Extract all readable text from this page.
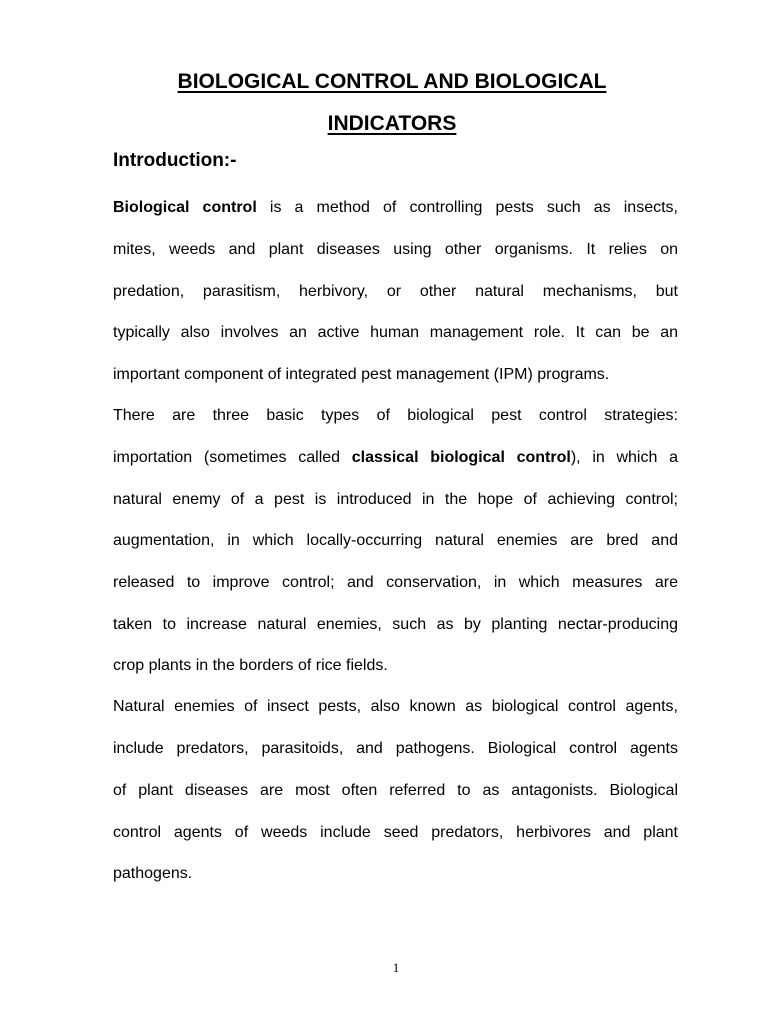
BIOLOGICAL CONTROL AND BIOLOGICAL
INDICATORS
Introduction:-
Biological control is a method of controlling pests such as insects,
mites, weeds and plant diseases using other organisms. It relies on
predation, parasitism, herbivory, or other natural mechanisms, but
typically also involves an active human management role. It can be an
important component of integrated pest management (IPM) programs.
There are three basic types of biological pest control strategies:
importation (sometimes called classical biological control), in which a
natural enemy of a pest is introduced in the hope of achieving control;
augmentation, in which locally-occurring natural enemies are bred and
released to improve control; and conservation, in which measures are
taken to increase natural enemies, such as by planting nectar-producing
crop plants in the borders of rice fields.
Natural enemies of insect pests, also known as biological control agents,
include predators, parasitoids, and pathogens. Biological control agents
of plant diseases are most often referred to as antagonists. Biological
control agents of weeds include seed predators, herbivores and plant
pathogens.
1
